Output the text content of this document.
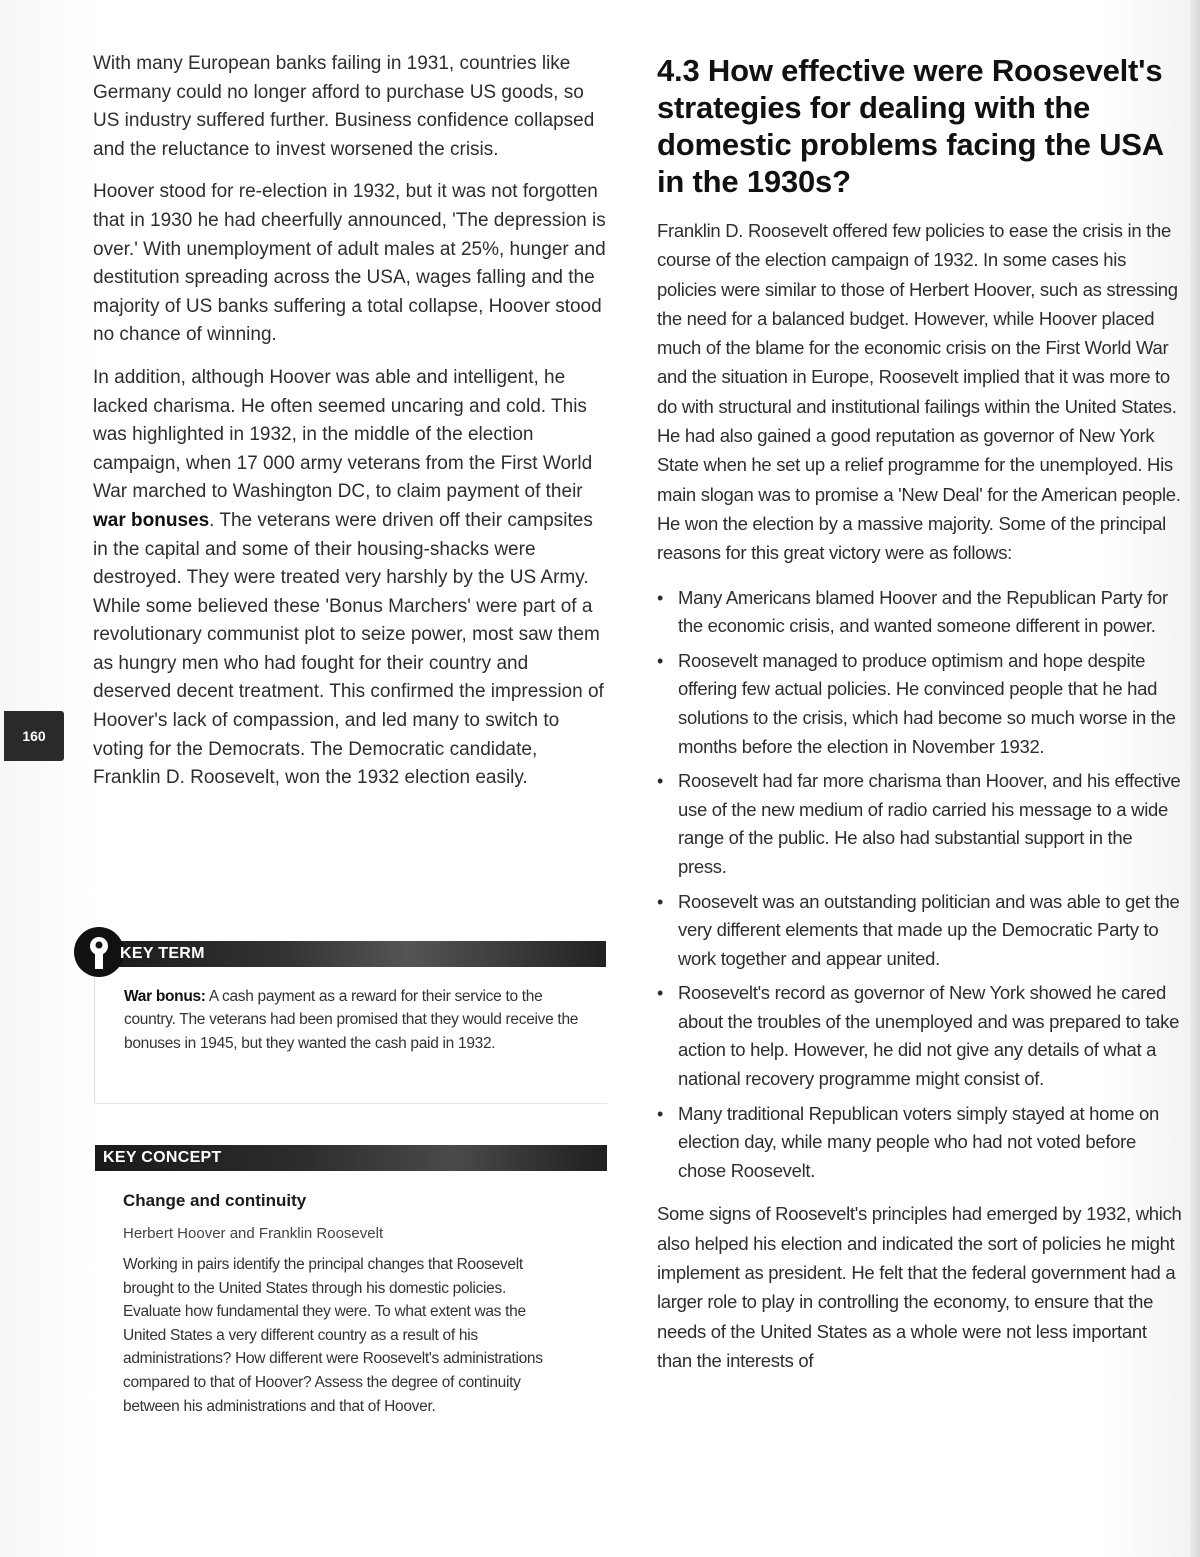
With many European banks failing in 1931, countries like Germany could no longer afford to purchase US goods, so US industry suffered further. Business confidence collapsed and the reluctance to invest worsened the crisis.

Hoover stood for re-election in 1932, but it was not forgotten that in 1930 he had cheerfully announced, 'The depression is over.' With unemployment of adult males at 25%, hunger and destitution spreading across the USA, wages falling and the majority of US banks suffering a total collapse, Hoover stood no chance of winning.

In addition, although Hoover was able and intelligent, he lacked charisma. He often seemed uncaring and cold. This was highlighted in 1932, in the middle of the election campaign, when 17 000 army veterans from the First World War marched to Washington DC, to claim payment of their war bonuses. The veterans were driven off their campsites in the capital and some of their housing-shacks were destroyed. They were treated very harshly by the US Army. While some believed these 'Bonus Marchers' were part of a revolutionary communist plot to seize power, most saw them as hungry men who had fought for their country and deserved decent treatment. This confirmed the impression of Hoover's lack of compassion, and led many to switch to voting for the Democrats. The Democratic candidate, Franklin D. Roosevelt, won the 1932 election easily.

160
KEY TERM
War bonus: A cash payment as a reward for their service to the country. The veterans had been promised that they would receive the bonuses in 1945, but they wanted the cash paid in 1932.
KEY CONCEPT
Change and continuity
Herbert Hoover and Franklin Roosevelt
Working in pairs identify the principal changes that Roosevelt brought to the United States through his domestic policies. Evaluate how fundamental they were. To what extent was the United States a very different country as a result of his administrations? How different were Roosevelt's administrations compared to that of Hoover? Assess the degree of continuity between his administrations and that of Hoover.
4.3 How effective were Roosevelt's strategies for dealing with the domestic problems facing the USA in the 1930s?

Franklin D. Roosevelt offered few policies to ease the crisis in the course of the election campaign of 1932. In some cases his policies were similar to those of Herbert Hoover, such as stressing the need for a balanced budget. However, while Hoover placed much of the blame for the economic crisis on the First World War and the situation in Europe, Roosevelt implied that it was more to do with structural and institutional failings within the United States. He had also gained a good reputation as governor of New York State when he set up a relief programme for the unemployed. His main slogan was to promise a 'New Deal' for the American people. He won the election by a massive majority. Some of the principal reasons for this great victory were as follows:

• Many Americans blamed Hoover and the Republican Party for the economic crisis, and wanted someone different in power.
• Roosevelt managed to produce optimism and hope despite offering few actual policies. He convinced people that he had solutions to the crisis, which had become so much worse in the months before the election in November 1932.
• Roosevelt had far more charisma than Hoover, and his effective use of the new medium of radio carried his message to a wide range of the public. He also had substantial support in the press.
• Roosevelt was an outstanding politician and was able to get the very different elements that made up the Democratic Party to work together and appear united.
• Roosevelt's record as governor of New York showed he cared about the troubles of the unemployed and was prepared to take action to help. However, he did not give any details of what a national recovery programme might consist of.
• Many traditional Republican voters simply stayed at home on election day, while many people who had not voted before chose Roosevelt.

Some signs of Roosevelt's principles had emerged by 1932, which also helped his election and indicated the sort of policies he might implement as president. He felt that the federal government had a larger role to play in controlling the economy, to ensure that the needs of the United States as a whole were not less important than the interests of
